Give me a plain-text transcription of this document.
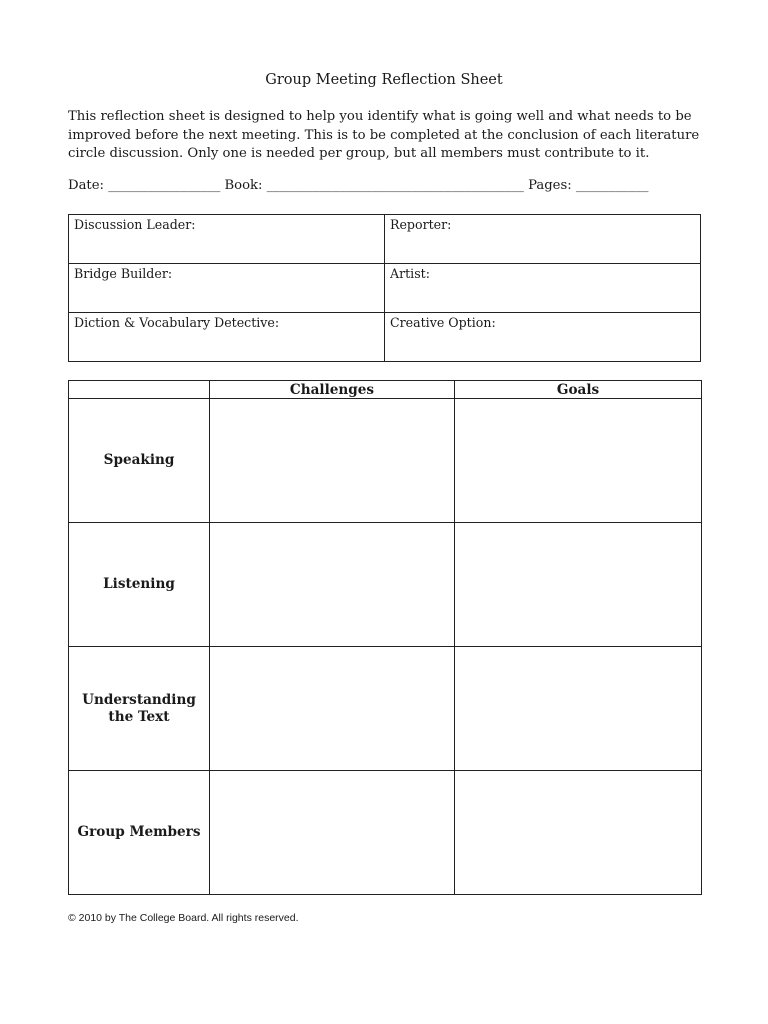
Group Meeting Reflection Sheet
This reflection sheet is designed to help you identify what is going well and what needs to be
improved before the next meeting. This is to be completed at the conclusion of each literature
circle discussion. Only one is needed per group, but all members must contribute to it.
Date: _________________ Book: _______________________________________ Pages: ___________
Discussion Leader:	Reporter:
Bridge Builder:	Artist:
Diction & Vocabulary Detective:	Creative Option:
	Challenges	Goals
Speaking		
Listening		
Understanding the Text		
Group Members		
© 2010 by The College Board. All rights reserved.
